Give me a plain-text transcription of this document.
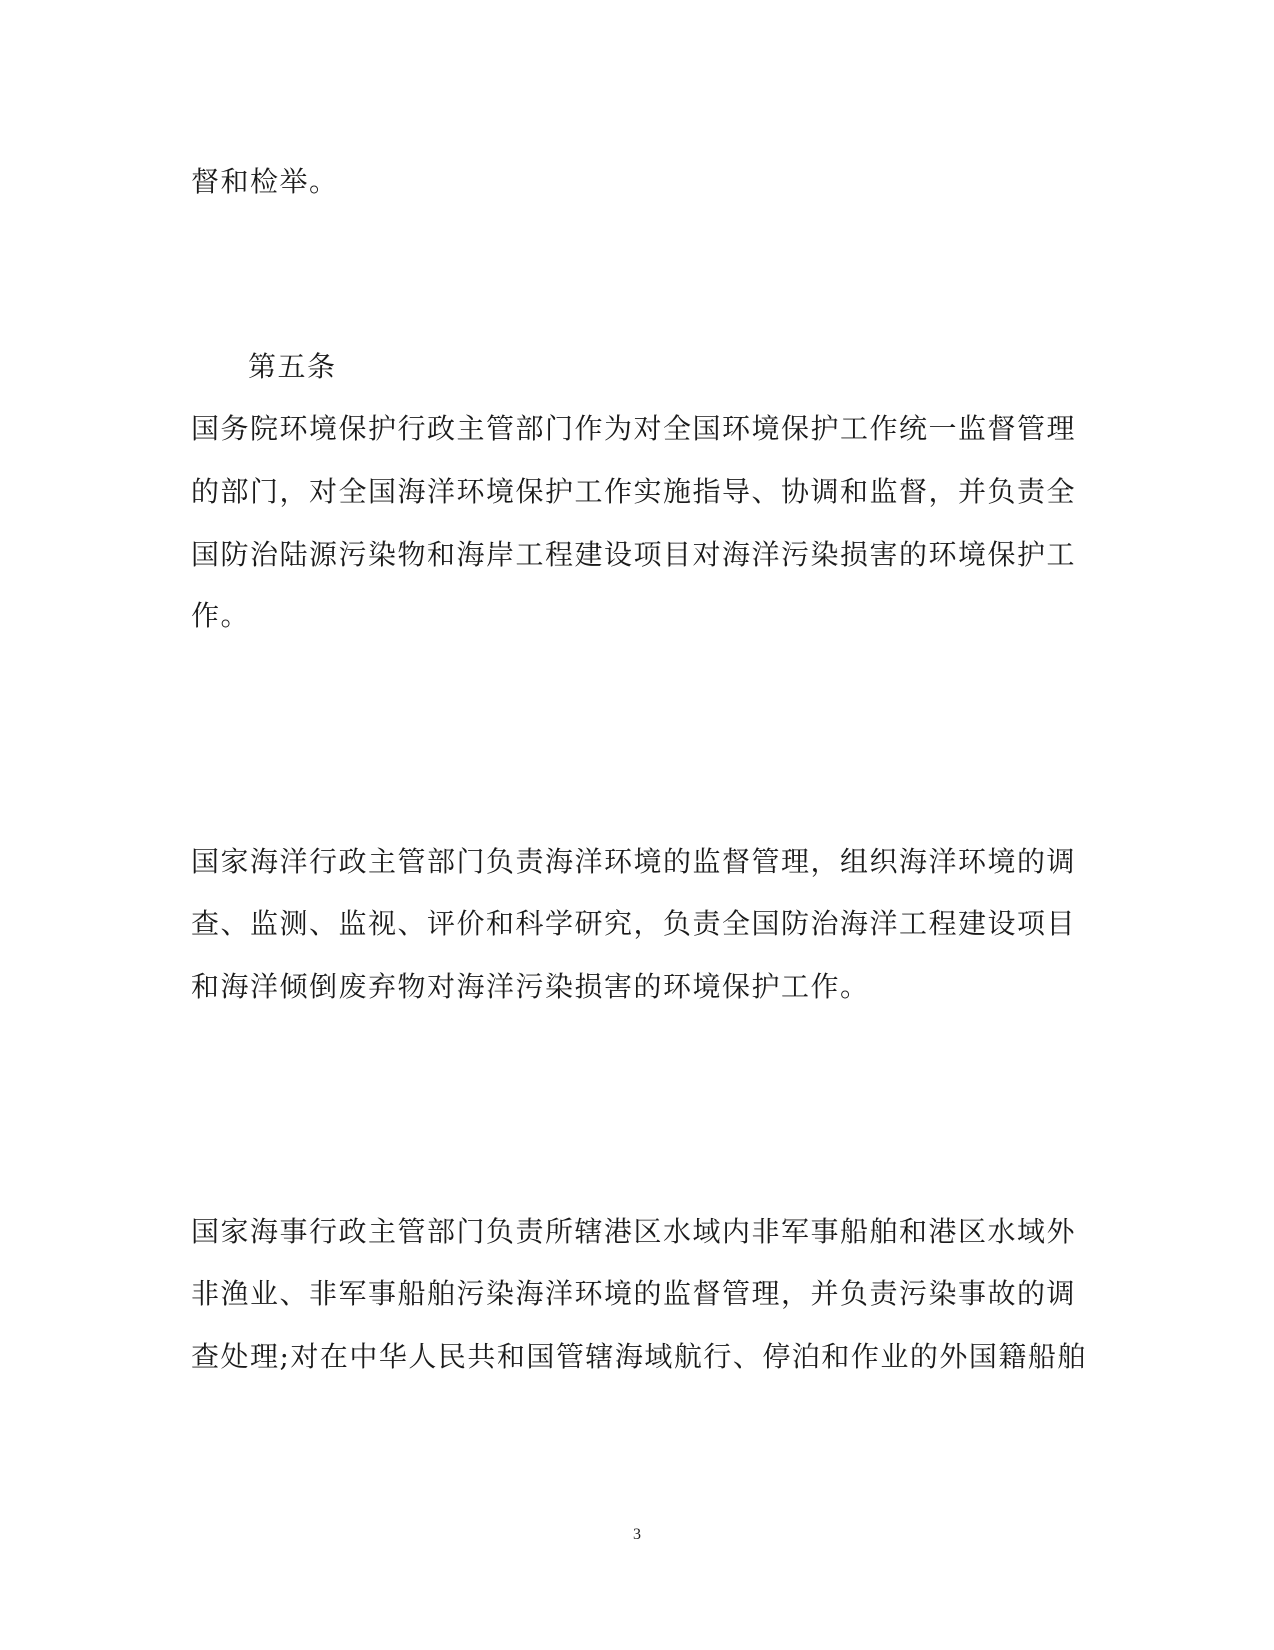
督和检举。
第五条
国务院环境保护行政主管部门作为对全国环境保护工作统一监督管理
的部门，对全国海洋环境保护工作实施指导、协调和监督，并负责全
国防治陆源污染物和海岸工程建设项目对海洋污染损害的环境保护工
作。
国家海洋行政主管部门负责海洋环境的监督管理，组织海洋环境的调
查、监测、监视、评价和科学研究，负责全国防治海洋工程建设项目
和海洋倾倒废弃物对海洋污染损害的环境保护工作。
国家海事行政主管部门负责所辖港区水域内非军事船舶和港区水域外
非渔业、非军事船舶污染海洋环境的监督管理，并负责污染事故的调
查处理;对在中华人民共和国管辖海域航行、停泊和作业的外国籍船舶
3
